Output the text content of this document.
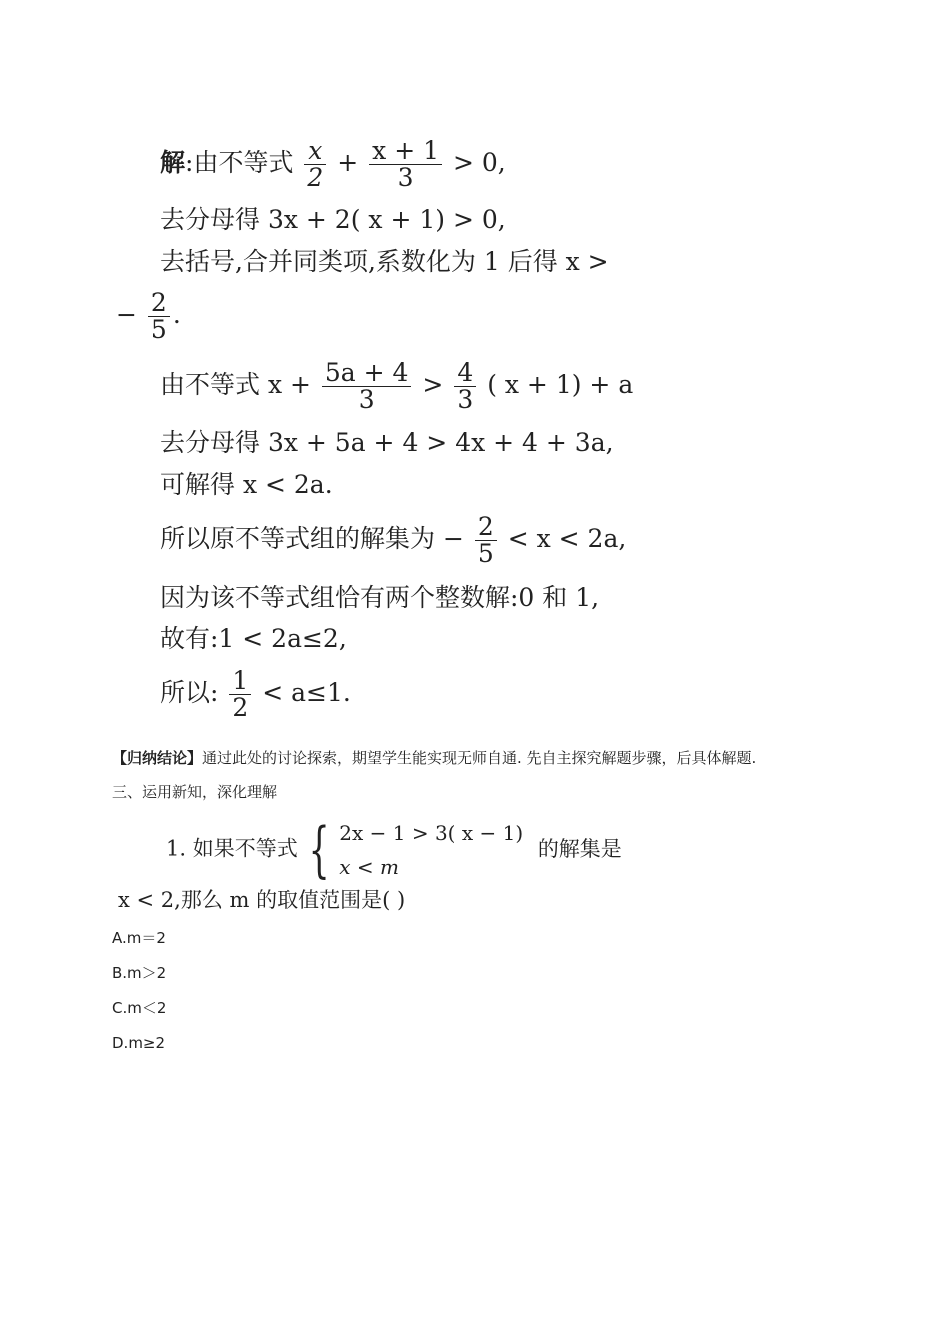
解:由不等式 $\frac{x}{2} + \frac{x + 1}{3} > 0$,
去分母得 3x + 2( x + 1) > 0,
去括号,合并同类项,系数化为 1 后得 x >
− $\frac{2}{5}$ .
由不等式 $x + \frac{5a + 4}{3} > \frac{4}{3}$ ( x + 1) + a
去分母得 3x + 5a + 4 > 4x + 4 + 3a,
可解得 x < 2a.
所以原不等式组的解集为 − $\frac{2}{5} < x < 2a$,
因为该不等式组恰有两个整数解:0 和 1,
故有:1 < 2a≤2,
所以: $\frac{1}{2} < a\le 1$.
【归纳结论】通过此处的讨论探索，期望学生能实现无师自通. 先自主探究解题步骤，后具体解题.
三、运用新知，深化理解
1. 如果不等式 { 2x − 1 > 3( x − 1)
x < m
的解集是
x < 2,那么 m 的取值范围是( )
A.m＝2
B.m＞2
C.m＜2
D.m≥2
